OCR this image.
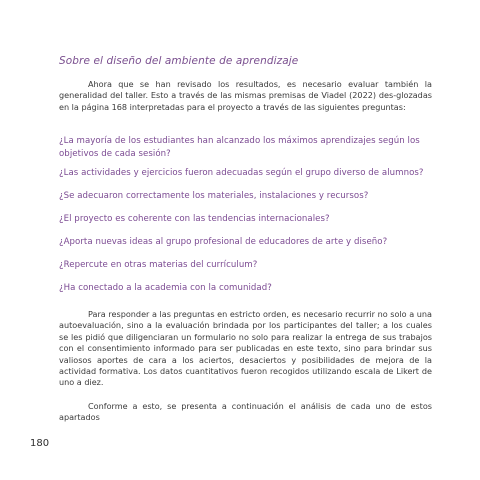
Sobre el diseño del ambiente de aprendizaje

Ahora que se han revisado los resultados, es necesario evaluar también la generalidad del taller. Esto a través de las mismas premisas de Viadel (2022) des-glozadas en la página 168 interpretadas para el proyecto a través de las siguientes preguntas:

¿La mayoría de los estudiantes han alcanzado los máximos aprendizajes según los objetivos de cada sesión?
¿Las actividades y ejercicios fueron adecuadas según el grupo diverso de alumnos?
¿Se adecuaron correctamente los materiales, instalaciones y recursos?
¿El proyecto es coherente con las tendencias internacionales?
¿Aporta nuevas ideas al grupo profesional de educadores de arte y diseño?
¿Repercute en otras materias del currículum?
¿Ha conectado a la academia con la comunidad?

Para responder a las preguntas en estricto orden, es necesario recurrir no solo a una autoevaluación, sino a la evaluación brindada por los participantes del taller; a los cuales se les pidió que diligenciaran un formulario no solo para realizar la entrega de sus trabajos con el consentimiento informado para ser publicadas en este texto, sino para brindar sus valiosos aportes de cara a los aciertos, desaciertos y posibilidades de mejora de la actividad formativa. Los datos cuantitativos fueron recogidos utilizando escala de Likert de uno a diez.

Conforme a esto, se presenta a continuación el análisis de cada uno de estos apartados

180
